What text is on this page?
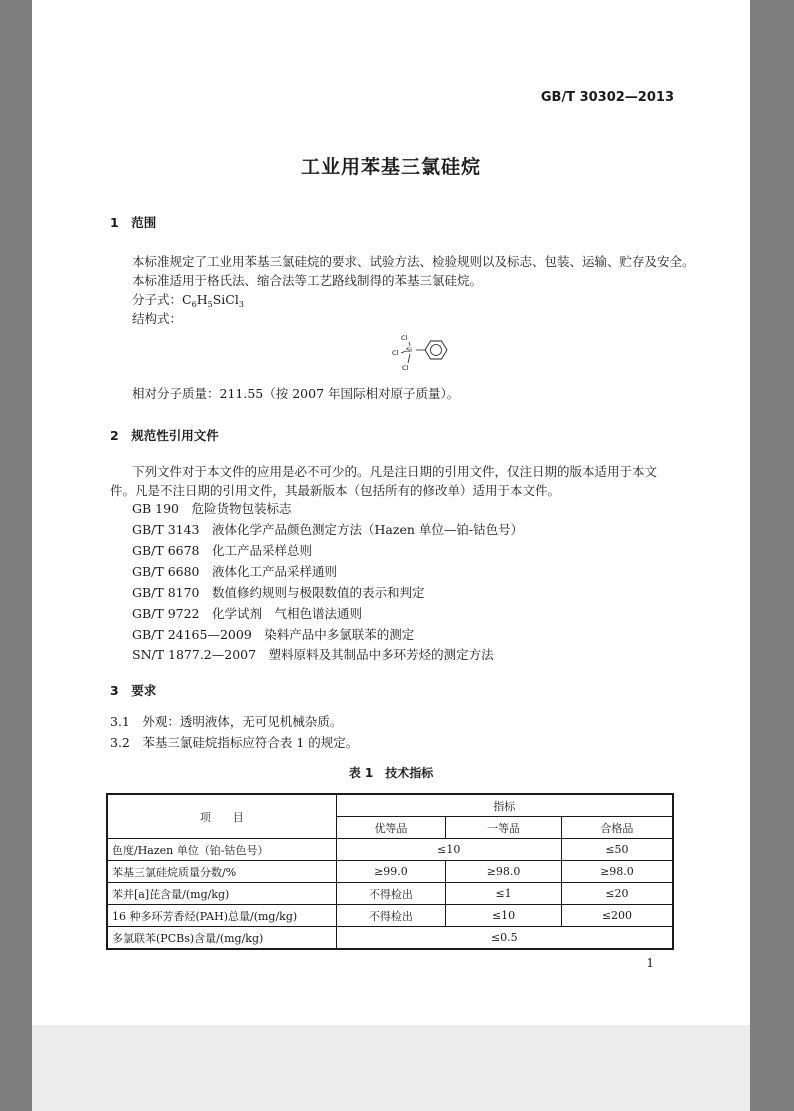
GB/T 30302—2013
工业用苯基三氯硅烷
1　范围
本标准规定了工业用苯基三氯硅烷的要求、试验方法、检验规则以及标志、包装、运输、贮存及安全。
本标准适用于格氏法、缩合法等工艺路线制得的苯基三氯硅烷。
分子式：$C_6H_5SiCl_3$
结构式：
Cl
Cl
Cl
Si
相对分子质量：211.55（按 2007 年国际相对原子质量）。
2　规范性引用文件
下列文件对于本文件的应用是必不可少的。凡是注日期的引用文件，仅注日期的版本适用于本文
件。凡是不注日期的引用文件，其最新版本（包括所有的修改单）适用于本文件。
GB 190　 危险货物包装标志
GB/T 3143　 液体化学产品颜色测定方法（Hazen 单位—铂-钴色号）
GB/T 6678　 化工产品采样总则
GB/T 6680　 液体化工产品采样通则
GB/T 8170　 数值修约规则与极限数值的表示和判定
GB/T 9722　 化学试剂　气相色谱法通则
GB/T 24165—2009　 染料产品中多氯联苯的测定
SN/T 1877.2—2007　 塑料原料及其制品中多环芳烃的测定方法
3　要求
3.1　外观：透明液体，无可见机械杂质。
3.2　苯基三氯硅烷指标应符合表 1 的规定。
表 1　技术指标
项　　目	指标		
	优等品	一等品	合格品
色度/Hazen 单位（铂-钴色号）	≤10		≤50
苯基三氯硅烷质量分数/%	≥99.0	≥98.0	≥98.0
苯并[a]芘含量/(mg/kg)	不得检出	≤1	≤20
16 种多环芳香烃(PAH)总量/(mg/kg)	不得检出	≤10	≤200
多氯联苯(PCBs)含量/(mg/kg)	≤0.5		
1
